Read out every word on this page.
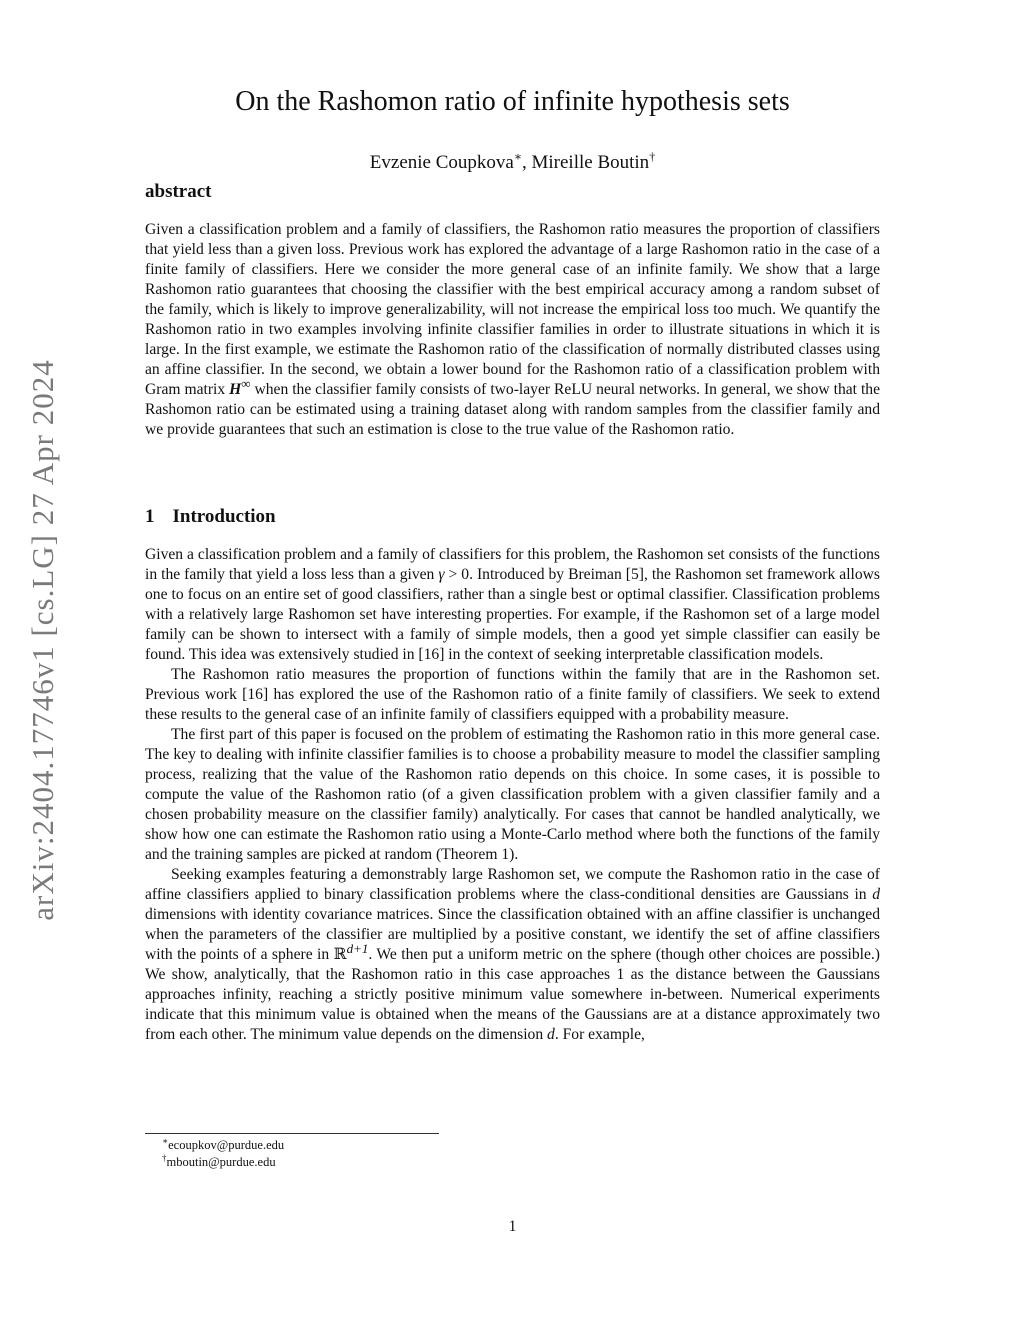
arXiv:2404.17746v1 [cs.LG] 27 Apr 2024
On the Rashomon ratio of infinite hypothesis sets
Evzenie Coupkova∗, Mireille Boutin†
abstract

Given a classification problem and a family of classifiers, the Rashomon ratio measures the proportion of classifiers that yield less than a given loss. Previous work has explored the advantage of a large Rashomon ratio in the case of a finite family of classifiers. Here we consider the more general case of an infinite family. We show that a large Rashomon ratio guarantees that choosing the classifier with the best empirical accuracy among a random subset of the family, which is likely to improve generalizability, will not increase the empirical loss too much. We quantify the Rashomon ratio in two examples involving infinite classifier families in order to illustrate situations in which it is large. In the first example, we estimate the Rashomon ratio of the classification of normally distributed classes using an affine classifier. In the second, we obtain a lower bound for the Rashomon ratio of a classification problem with Gram matrix H∞ when the classifier family consists of two-layer ReLU neural networks. In general, we show that the Rashomon ratio can be estimated using a training dataset along with random samples from the classifier family and we provide guarantees that such an estimation is close to the true value of the Rashomon ratio.

1 Introduction

Given a classification problem and a family of classifiers for this problem, the Rashomon set consists of the functions in the family that yield a loss less than a given γ > 0. Introduced by Breiman [5], the Rashomon set framework allows one to focus on an entire set of good classifiers, rather than a single best or optimal classifier. Classification problems with a relatively large Rashomon set have interesting properties. For example, if the Rashomon set of a large model family can be shown to intersect with a family of simple models, then a good yet simple classifier can easily be found. This idea was extensively studied in [16] in the context of seeking interpretable classification models.

The Rashomon ratio measures the proportion of functions within the family that are in the Rashomon set. Previous work [16] has explored the use of the Rashomon ratio of a finite family of classifiers. We seek to extend these results to the general case of an infinite family of classifiers equipped with a probability measure.

The first part of this paper is focused on the problem of estimating the Rashomon ratio in this more general case. The key to dealing with infinite classifier families is to choose a probability measure to model the classifier sampling process, realizing that the value of the Rashomon ratio depends on this choice. In some cases, it is possible to compute the value of the Rashomon ratio (of a given classification problem with a given classifier family and a chosen probability measure on the classifier family) analytically. For cases that cannot be handled analytically, we show how one can estimate the Rashomon ratio using a Monte-Carlo method where both the functions of the family and the training samples are picked at random (Theorem 1).

Seeking examples featuring a demonstrably large Rashomon set, we compute the Rashomon ratio in the case of affine classifiers applied to binary classification problems where the class-conditional densities are Gaussians in d dimensions with identity covariance matrices. Since the classification obtained with an affine classifier is unchanged when the parameters of the classifier are multiplied by a positive constant, we identify the set of affine classifiers with the points of a sphere in ℝ$^{d+1}$. We then put a uniform metric on the sphere (though other choices are possible.) We show, analytically, that the Rashomon ratio in this case approaches 1 as the distance between the Gaussians approaches infinity, reaching a strictly positive minimum value somewhere in-between. Numerical experiments indicate that this minimum value is obtained when the means of the Gaussians are at a distance approximately two from each other. The minimum value depends on the dimension d. For example,

∗ecoupkov@purdue.edu
†mboutin@purdue.edu
1
